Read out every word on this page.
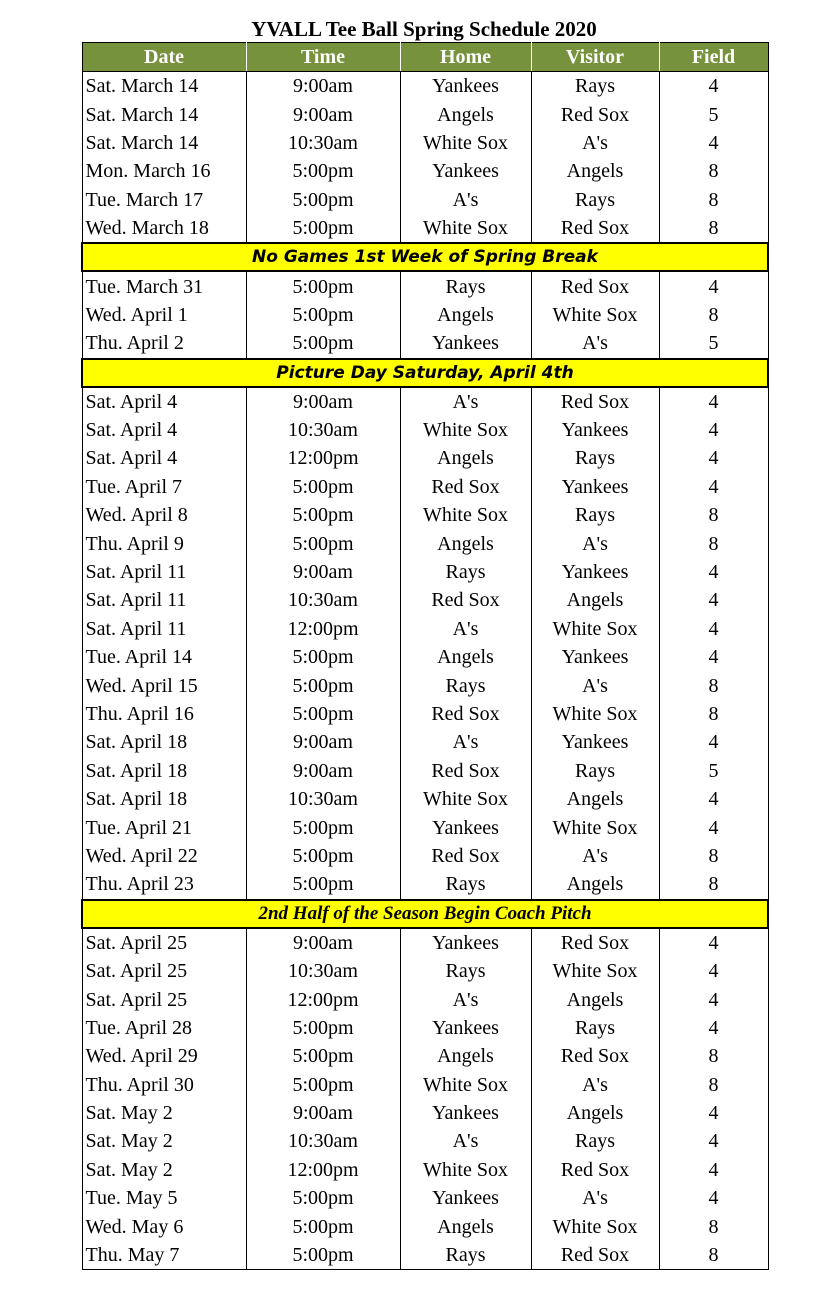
YVALL Tee Ball Spring Schedule 2020
Date	Time	Home	Visitor	Field
Sat. March 14	9:00am	Yankees	Rays	4
Sat. March 14	9:00am	Angels	Red Sox	5
Sat. March 14	10:30am	White Sox	A's	4
Mon. March 16	5:00pm	Yankees	Angels	8
Tue. March 17	5:00pm	A's	Rays	8
Wed. March 18	5:00pm	White Sox	Red Sox	8
No Games 1st Week of Spring Break				
Tue. March 31	5:00pm	Rays	Red Sox	4
Wed. April 1	5:00pm	Angels	White Sox	8
Thu. April 2	5:00pm	Yankees	A's	5
Picture Day Saturday, April 4th				
Sat. April 4	9:00am	A's	Red Sox	4
Sat. April 4	10:30am	White Sox	Yankees	4
Sat. April 4	12:00pm	Angels	Rays	4
Tue. April 7	5:00pm	Red Sox	Yankees	4
Wed. April 8	5:00pm	White Sox	Rays	8
Thu. April 9	5:00pm	Angels	A's	8
Sat. April 11	9:00am	Rays	Yankees	4
Sat. April 11	10:30am	Red Sox	Angels	4
Sat. April 11	12:00pm	A's	White Sox	4
Tue. April 14	5:00pm	Angels	Yankees	4
Wed. April 15	5:00pm	Rays	A's	8
Thu. April 16	5:00pm	Red Sox	White Sox	8
Sat. April 18	9:00am	A's	Yankees	4
Sat. April 18	9:00am	Red Sox	Rays	5
Sat. April 18	10:30am	White Sox	Angels	4
Tue. April 21	5:00pm	Yankees	White Sox	4
Wed. April 22	5:00pm	Red Sox	A's	8
Thu. April 23	5:00pm	Rays	Angels	8
2nd Half of the Season Begin Coach Pitch				
Sat. April 25	9:00am	Yankees	Red Sox	4
Sat. April 25	10:30am	Rays	White Sox	4
Sat. April 25	12:00pm	A's	Angels	4
Tue. April 28	5:00pm	Yankees	Rays	4
Wed. April 29	5:00pm	Angels	Red Sox	8
Thu. April 30	5:00pm	White Sox	A's	8
Sat. May 2	9:00am	Yankees	Angels	4
Sat. May 2	10:30am	A's	Rays	4
Sat. May 2	12:00pm	White Sox	Red Sox	4
Tue. May 5	5:00pm	Yankees	A's	4
Wed. May 6	5:00pm	Angels	White Sox	8
Thu. May 7	5:00pm	Rays	Red Sox	8
